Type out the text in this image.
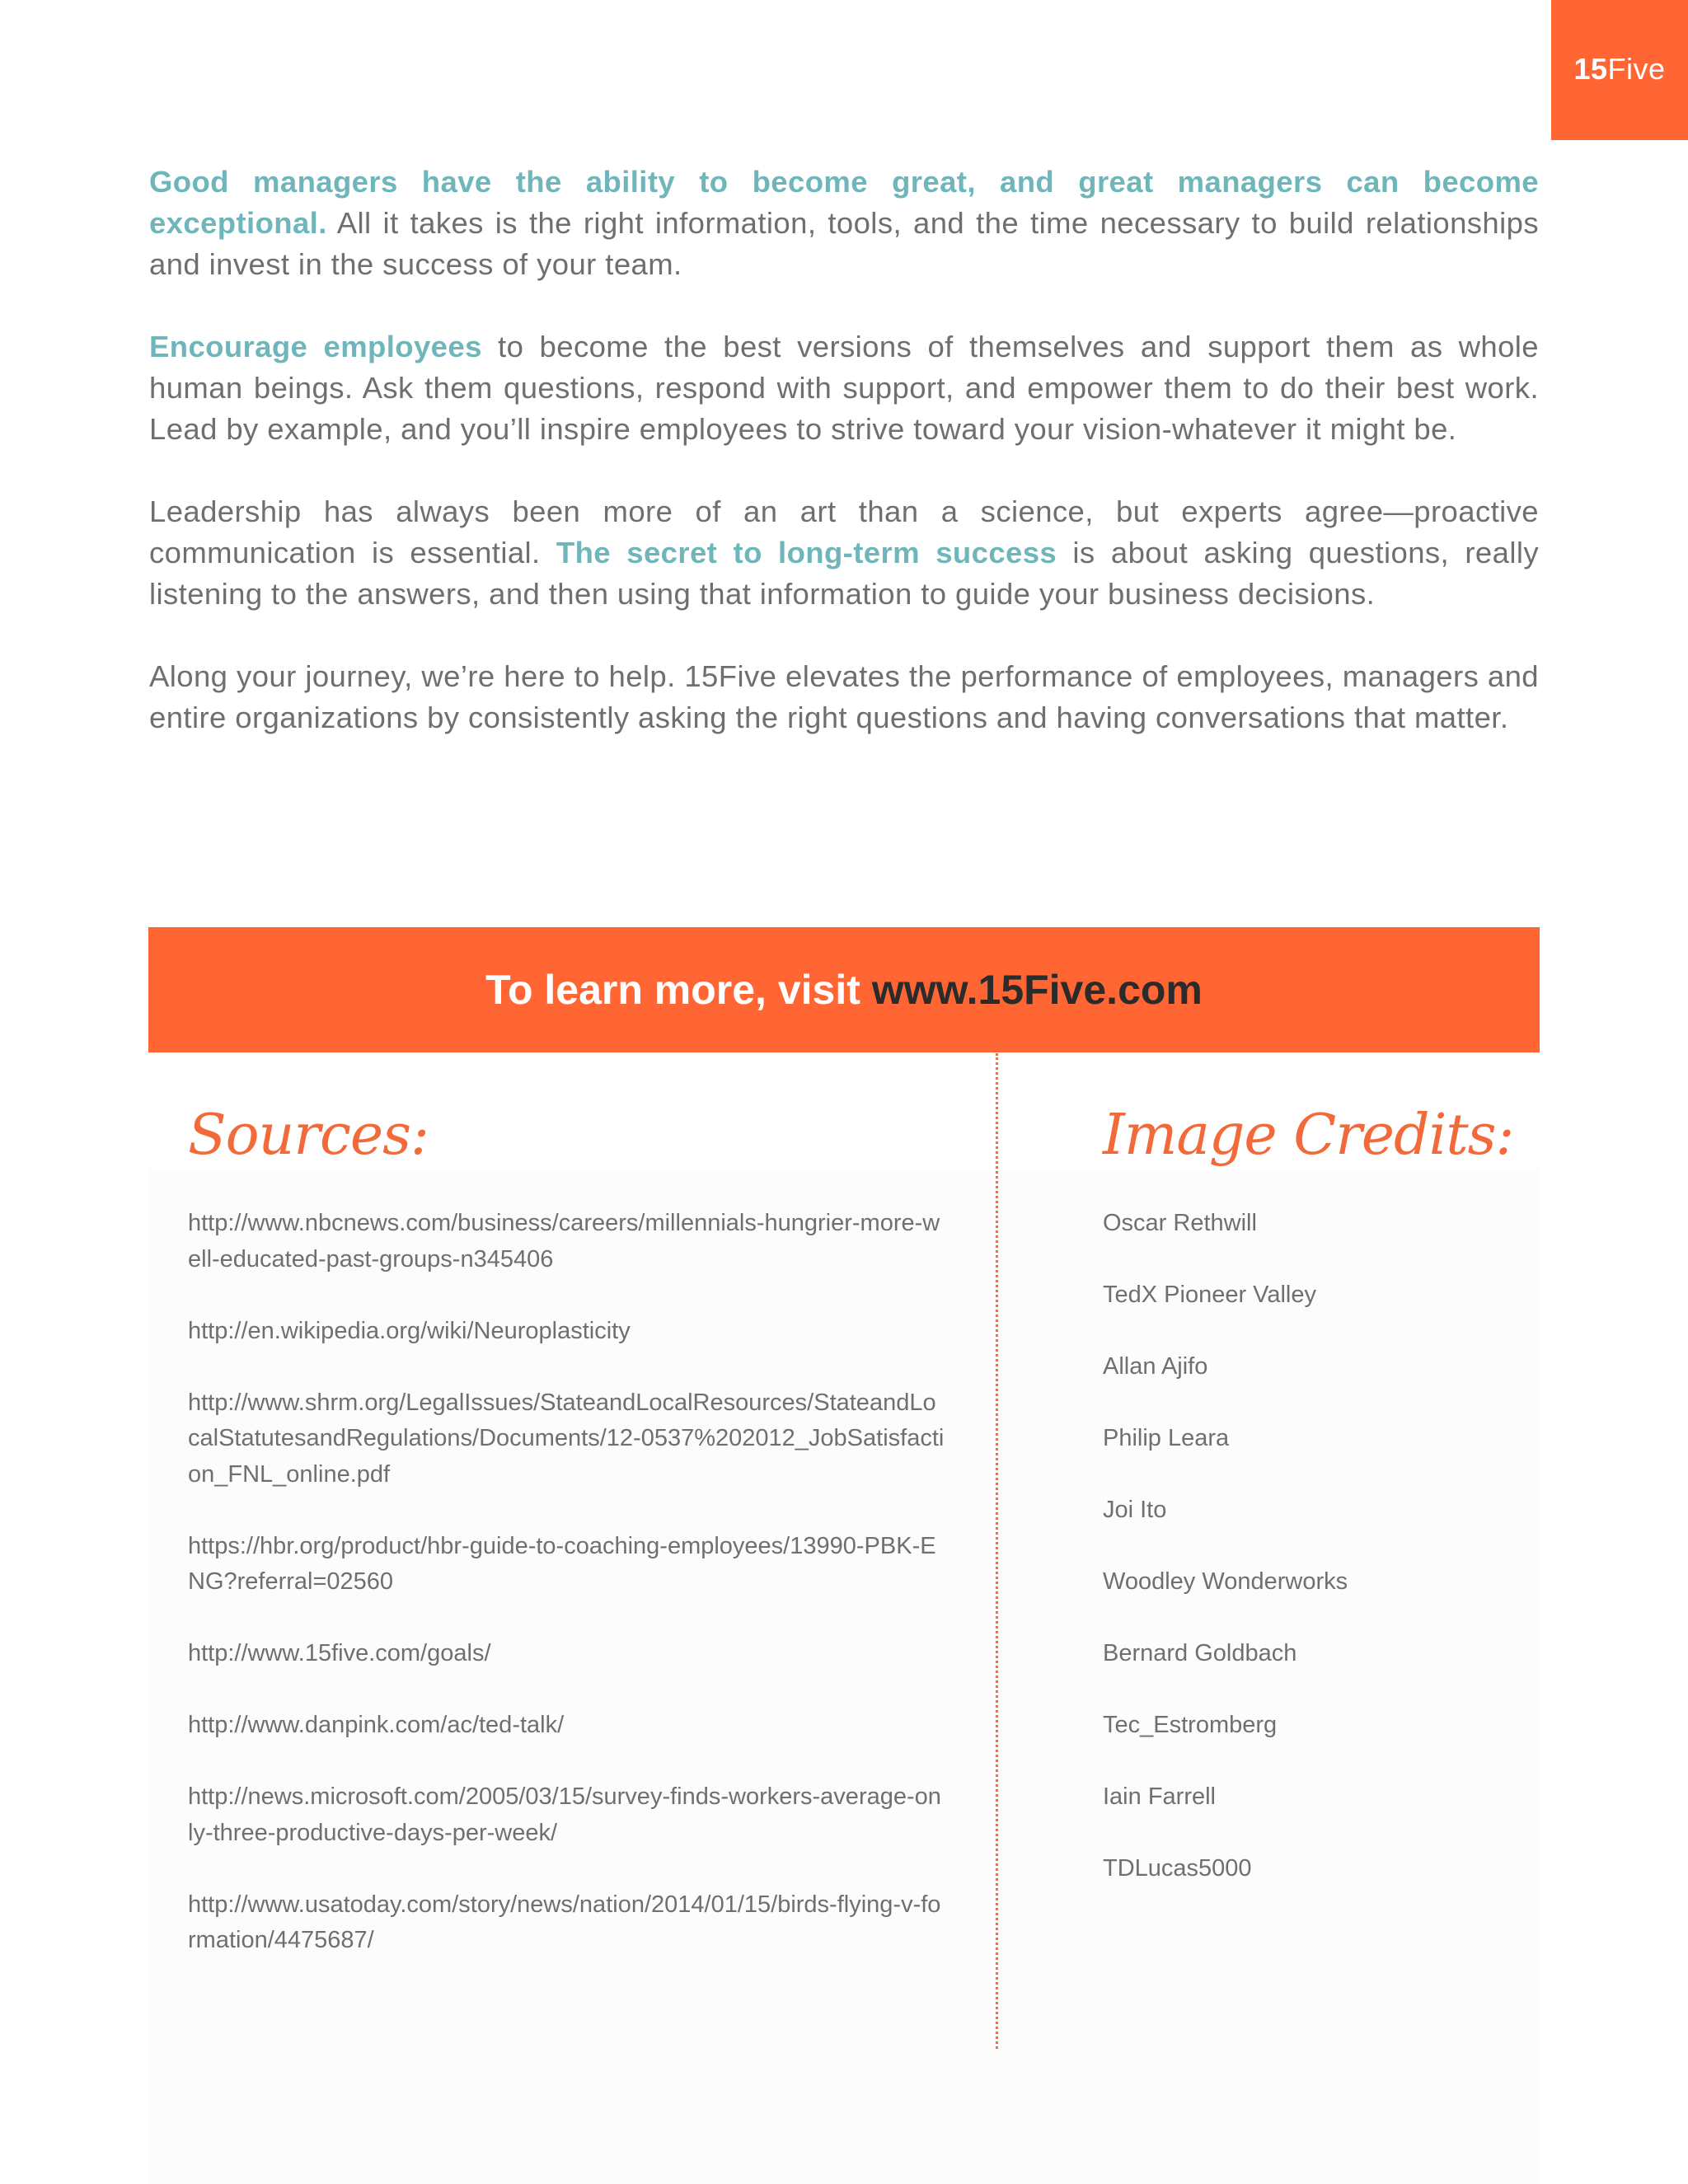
15Five

Good managers have the ability to become great, and great managers can become exceptional. All it takes is the right information, tools, and the time necessary to build relationships and invest in the success of your team.

Encourage employees to become the best versions of themselves and support them as whole human beings. Ask them questions, respond with support, and empower them to do their best work. Lead by example, and you’ll inspire employees to strive toward your vision-whatever it might be.

Leadership has always been more of an art than a science, but experts agree—proactive communication is essential. The secret to long-term success is about asking questions, really listening to the answers, and then using that information to guide your business decisions.

Along your journey, we’re here to help. 15Five elevates the performance of employees, managers and entire organizations by consistently asking the right questions and having conversations that matter.

To learn more, visit
www.15Five.com
Sources:	Image Credits:
http://www.nbcnews.com/business/careers/millennials-hungrier-more-well-educated-past-groups-n345406
http://en.wikipedia.org/wiki/Neuroplasticity
http://www.shrm.org/LegalIssues/StateandLocalResources/StateandLocalStatutesandRegulations/Documents/12-0537%202012_JobSatisfaction_FNL_online.pdf
https://hbr.org/product/hbr-guide-to-coaching-employees/13990-PBK-ENG?referral=02560
http://www.15five.com/goals/
http://www.danpink.com/ac/ted-talk/
http://news.microsoft.com/2005/03/15/survey-finds-workers-average-only-three-productive-days-per-week/
http://www.usatoday.com/story/news/nation/2014/01/15/birds-flying-v-formation/4475687/
Oscar Rethwill
TedX Pioneer Valley
Allan Ajifo
Philip Leara
Joi Ito
Woodley Wonderworks
Bernard Goldbach
Tec_Estromberg
Iain Farrell
TDLucas5000
